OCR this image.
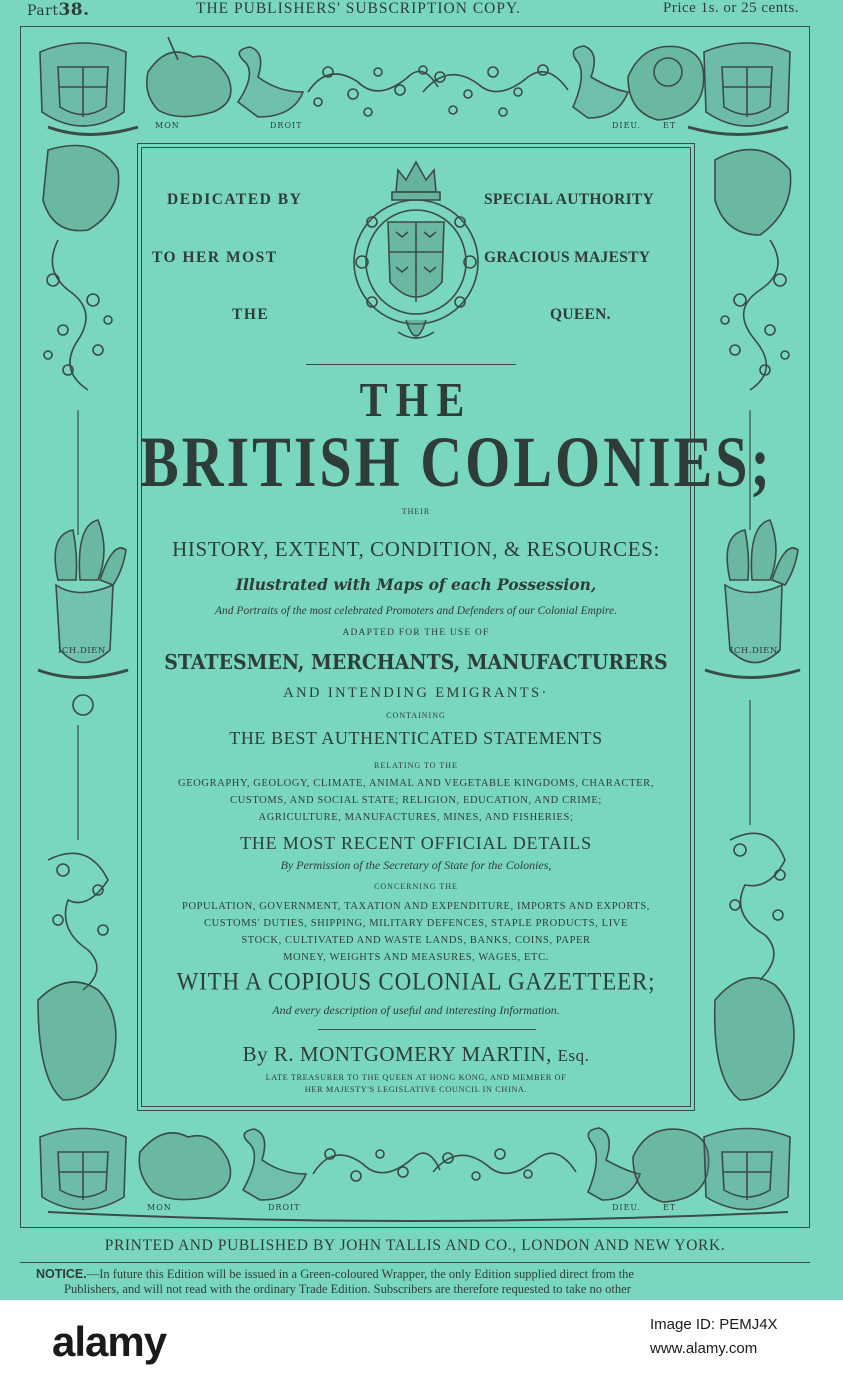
Part38.	THE PUBLISHERS' SUBSCRIPTION COPY.	Price 1s. or 25 cents.
MON	DROIT	DIEU.	ET
MON	DROIT	DIEU.	ET
ICH.DIEN.	ICH.DIEN.
DEDICATED BY
TO HER MOST
THE
SPECIAL AUTHORITY
GRACIOUS MAJESTY
QUEEN.
THE
BRITISH COLONIES;
THEIR
HISTORY, EXTENT, CONDITION, & RESOURCES:
Illustrated with Maps of each Possession,
And Portraits of the most celebrated Promoters and Defenders of our Colonial Empire.
ADAPTED FOR THE USE OF
STATESMEN, MERCHANTS, MANUFACTURERS
AND INTENDING EMIGRANTS·
CONTAINING
THE BEST AUTHENTICATED STATEMENTS
RELATING TO THE
GEOGRAPHY, GEOLOGY, CLIMATE, ANIMAL AND VEGETABLE KINGDOMS, CHARACTER,
CUSTOMS, AND SOCIAL STATE; RELIGION, EDUCATION, AND CRIME;
AGRICULTURE, MANUFACTURES, MINES, AND FISHERIES;
THE MOST RECENT OFFICIAL DETAILS
By Permission of the Secretary of State for the Colonies,
CONCERNING THE
POPULATION, GOVERNMENT, TAXATION AND EXPENDITURE, IMPORTS AND EXPORTS,
CUSTOMS' DUTIES, SHIPPING, MILITARY DEFENCES, STAPLE PRODUCTS, LIVE
STOCK, CULTIVATED AND WASTE LANDS, BANKS, COINS, PAPER
MONEY, WEIGHTS AND MEASURES, WAGES, ETC.
WITH A COPIOUS COLONIAL GAZETTEER;
And every description of useful and interesting Information.
By R. MONTGOMERY MARTIN, Esq.
LATE TREASURER TO THE QUEEN AT HONG KONG, AND MEMBER OF
HER MAJESTY'S LEGISLATIVE COUNCIL IN CHINA.
PRINTED AND PUBLISHED BY JOHN TALLIS AND CO., LONDON AND NEW YORK.
NOTICE.—In future this Edition will be issued in a Green-coloured Wrapper, the only Edition supplied direct from the
Publishers, and will not read with the ordinary Trade Edition. Subscribers are therefore requested to take no other
alamy	Image ID: PEMJ4X
www.alamy.com
